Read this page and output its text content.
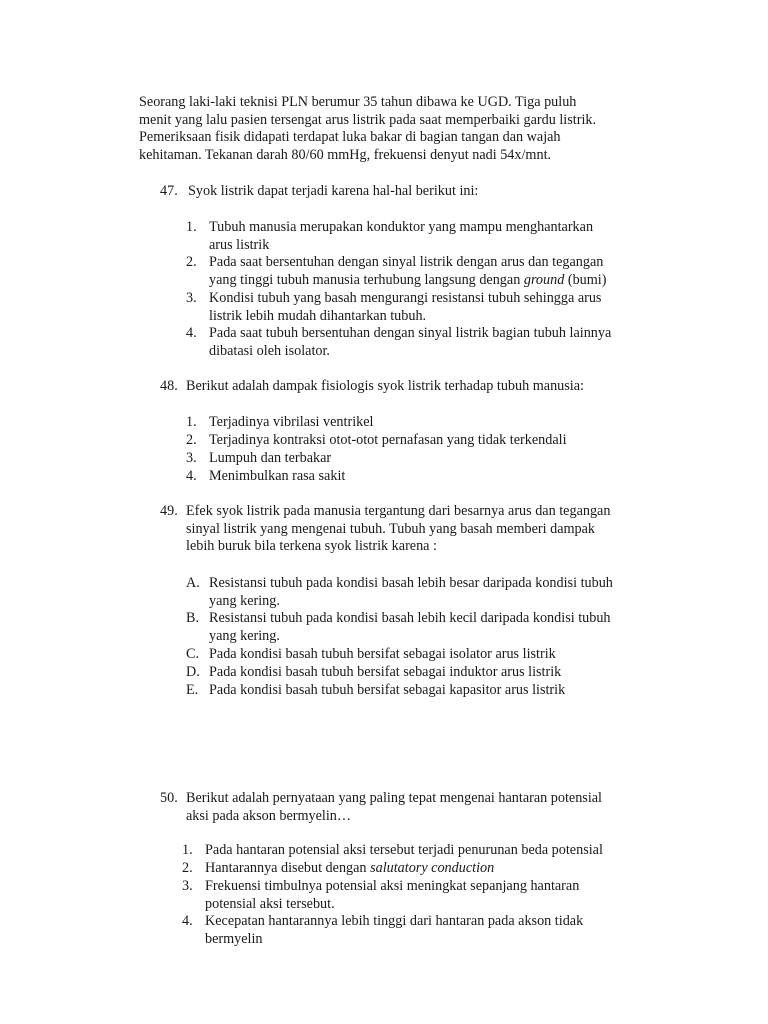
Seorang laki-laki teknisi PLN berumur 35 tahun dibawa ke UGD. Tiga puluh
menit yang lalu pasien tersengat arus listrik pada saat memperbaiki gardu listrik.
Pemeriksaan fisik didapati terdapat luka bakar di bagian tangan dan wajah
kehitaman. Tekanan darah 80/60 mmHg, frekuensi denyut nadi 54x/mnt.
47. Syok listrik dapat terjadi karena hal-hal berikut ini:
1. Tubuh manusia merupakan konduktor yang mampu menghantarkan
arus listrik
2. Pada saat bersentuhan dengan sinyal listrik dengan arus dan tegangan
yang tinggi tubuh manusia terhubung langsung dengan ground (bumi)
3. Kondisi tubuh yang basah mengurangi resistansi tubuh sehingga arus
listrik lebih mudah dihantarkan tubuh.
4. Pada saat tubuh bersentuhan dengan sinyal listrik bagian tubuh lainnya
dibatasi oleh isolator.
48. Berikut adalah dampak fisiologis syok listrik terhadap tubuh manusia:
1. Terjadinya vibrilasi ventrikel
2. Terjadinya kontraksi otot-otot pernafasan yang tidak terkendali
3. Lumpuh dan terbakar
4. Menimbulkan rasa sakit
49. Efek syok listrik pada manusia tergantung dari besarnya arus dan tegangan
sinyal listrik yang mengenai tubuh. Tubuh yang basah memberi dampak
lebih buruk bila terkena syok listrik karena :
A. Resistansi tubuh pada kondisi basah lebih besar daripada kondisi tubuh
yang kering.
B. Resistansi tubuh pada kondisi basah lebih kecil daripada kondisi tubuh
yang kering.
C. Pada kondisi basah tubuh bersifat sebagai isolator arus listrik
D. Pada kondisi basah tubuh bersifat sebagai induktor arus listrik
E. Pada kondisi basah tubuh bersifat sebagai kapasitor arus listrik
50. Berikut adalah pernyataan yang paling tepat mengenai hantaran potensial
aksi pada akson bermyelin…
1. Pada hantaran potensial aksi tersebut terjadi penurunan beda potensial
2. Hantarannya disebut dengan salutatory conduction
3. Frekuensi timbulnya potensial aksi meningkat sepanjang hantaran
potensial aksi tersebut.
4. Kecepatan hantarannya lebih tinggi dari hantaran pada akson tidak
bermyelin
